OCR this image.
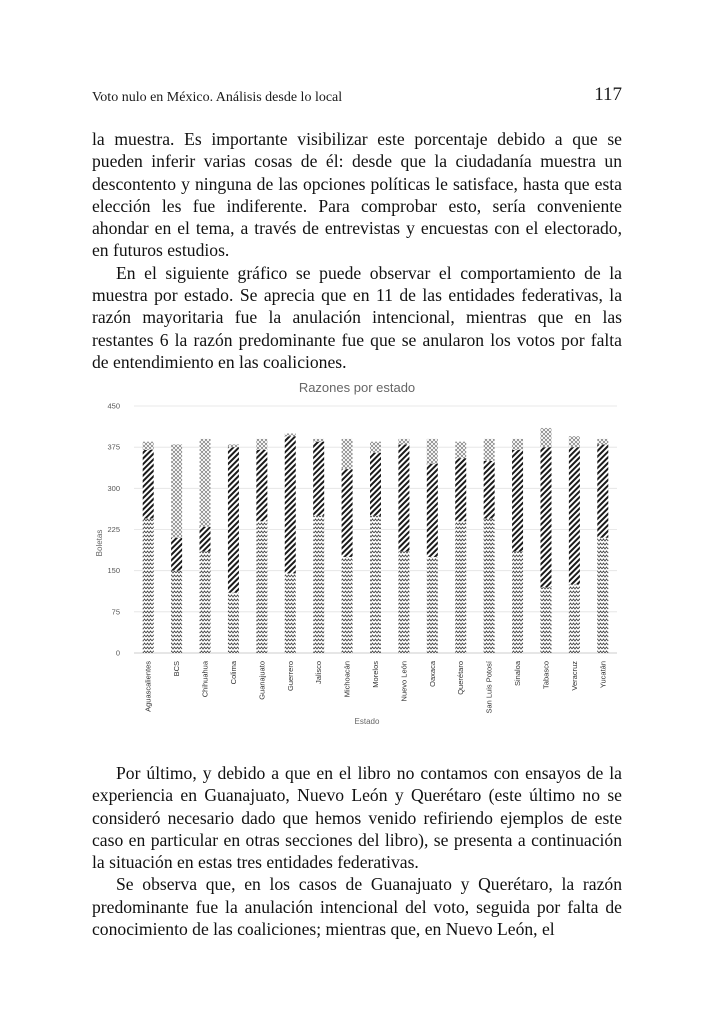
Voto nulo en México. Análisis desde lo local	117

la muestra. Es importante visibilizar este porcentaje debido a que se pueden inferir varias cosas de él: desde que la ciudadanía muestra un descontento y ninguna de las opciones políticas le satisface, hasta que esta elección les fue indiferente. Para comprobar esto, sería conveniente ahondar en el tema, a través de entrevistas y encuestas con el electorado, en futuros estudios.

En el siguiente gráfico se puede observar el comportamiento de la muestra por estado. Se aprecia que en 11 de las entidades federativas, la razón mayoritaria fue la anulación intencional, mientras que en las restantes 6 la razón predominante fue que se anularon los votos por falta de entendimiento en las coaliciones.

Razones por estado
0
75
150
225
300
375
450
Aguascalientes	BCS	Chihuahua	Colima	Guanajuato	Guerrero	Jalisco	Michoacán	Morelos	Nuevo León	Oaxaca	Querétaro	San Luis Potosí	Sinaloa	Tabasco	Veracruz	Yucatán
Boletas
Estado

Por último, y debido a que en el libro no contamos con ensayos de la experiencia en Guanajuato, Nuevo León y Querétaro (este último no se consideró necesario dado que hemos venido refiriendo ejemplos de este caso en particular en otras secciones del libro), se presenta a continuación la situación en estas tres entidades federativas.

Se observa que, en los casos de Guanajuato y Querétaro, la razón predominante fue la anulación intencional del voto, seguida por falta de conocimiento de las coaliciones; mientras que, en Nuevo León, el
